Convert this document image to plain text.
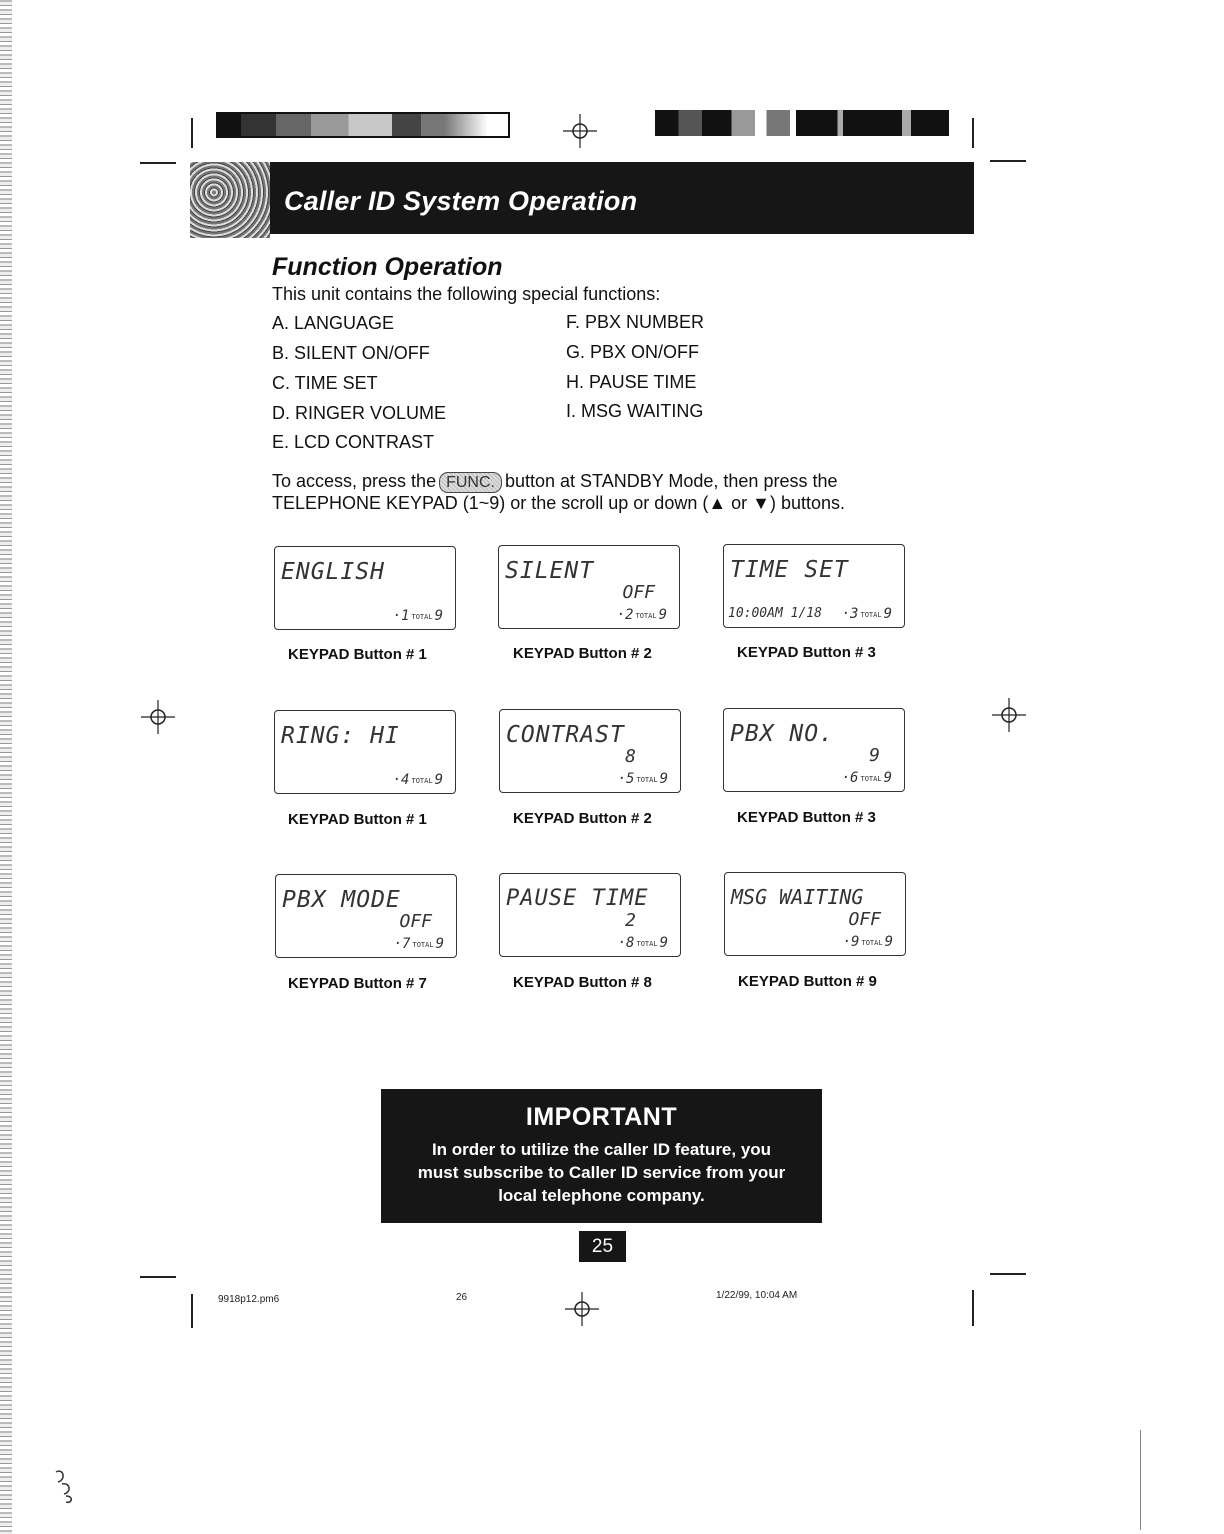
Caller ID System Operation
Function Operation
This unit contains the following special functions:
A. LANGUAGE
B. SILENT ON/OFF
C. TIME SET
D. RINGER VOLUME
E. LCD CONTRAST
F. PBX NUMBER
G. PBX ON/OFF
H. PAUSE TIME
I. MSG WAITING
To access, press the FUNC. button at STANDBY Mode, then press the
TELEPHONE KEYPAD (1~9) or the scroll up or down (▲ or ▼) buttons.
ENGLISH
·1 TOTAL 9
KEYPAD Button # 1
SILENT
OFF
·2 TOTAL 9
KEYPAD Button # 2
TIME SET
10:00AM 1/18 ·3 TOTAL 9
KEYPAD Button # 3
RING: HI
·4 TOTAL 9
KEYPAD Button # 1
CONTRAST
8
·5 TOTAL 9
KEYPAD Button # 2
PBX NO.
9
·6 TOTAL 9
KEYPAD Button # 3
PBX MODE
OFF
·7 TOTAL 9
KEYPAD Button # 7
PAUSE TIME
2
·8 TOTAL 9
KEYPAD Button # 8
MSG WAITING
OFF
·9 TOTAL 9
KEYPAD Button # 9
IMPORTANT
In order to utilize the caller ID feature, you
must subscribe to Caller ID service from your
local telephone company.
25
9918p12.pm6	26	1/22/99, 10:04 AM
